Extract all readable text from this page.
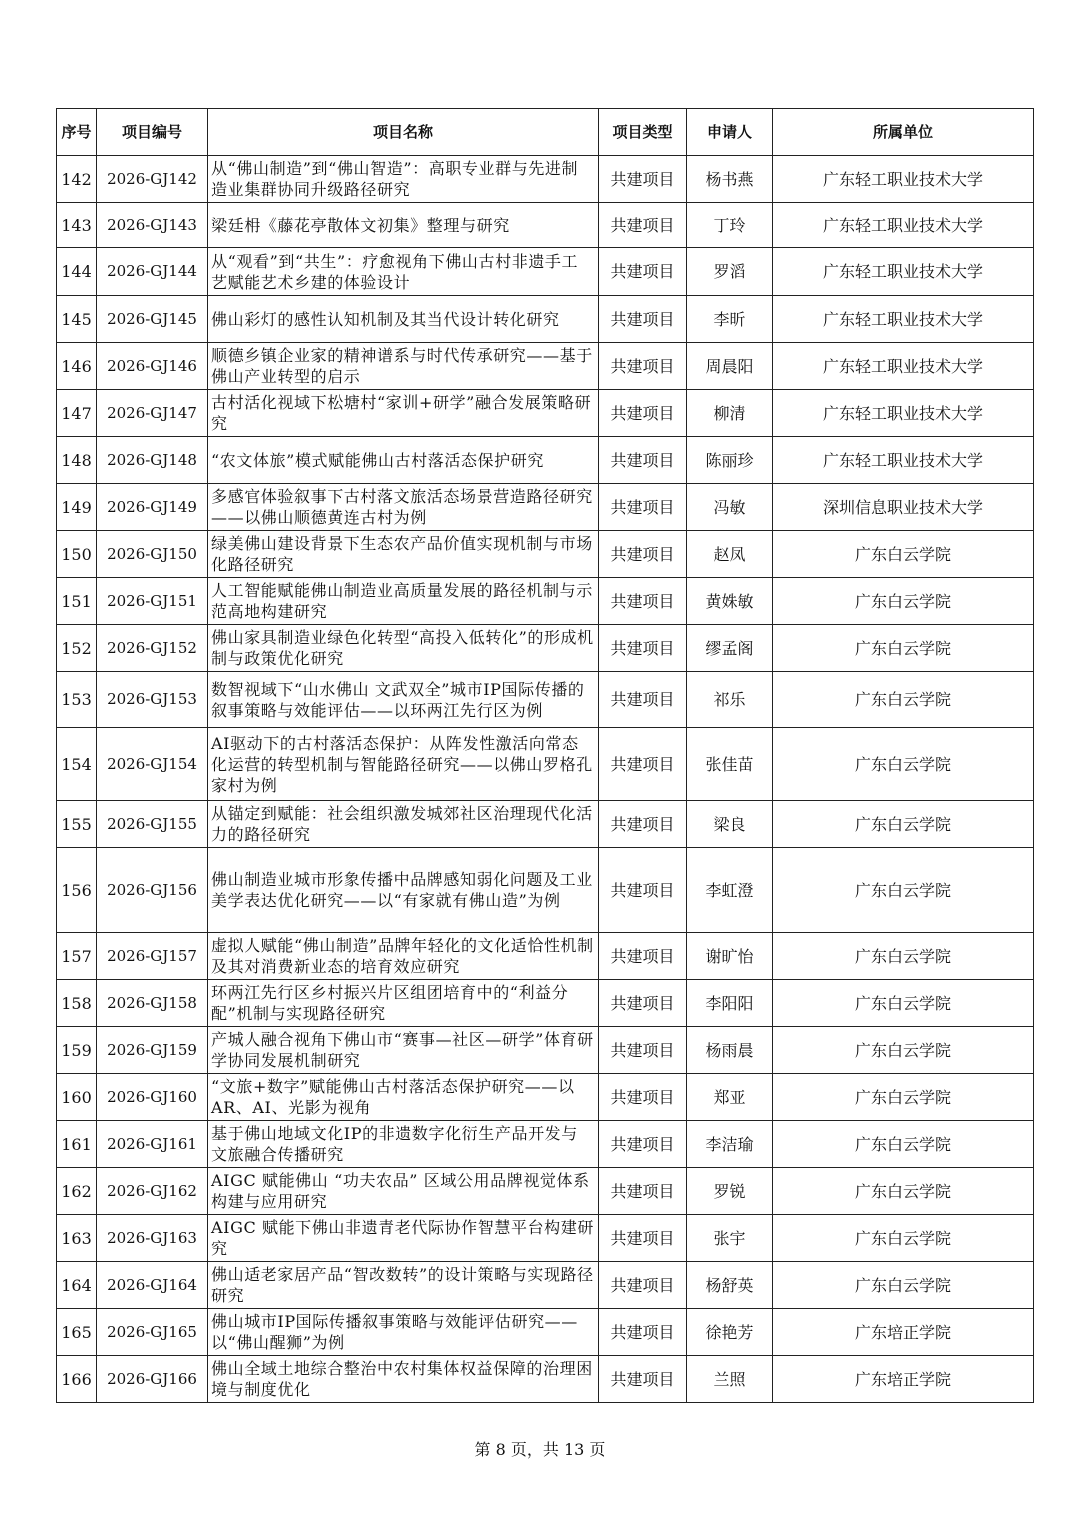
序号	项目编号	项目名称	项目类型	申请人	所属单位
142	2026-GJ142	从“佛山制造”到“佛山智造”：高职专业群与先进制造业集群协同升级路径研究	共建项目	杨书燕	广东轻工职业技术大学
143	2026-GJ143	梁廷枏《藤花亭散体文初集》整理与研究	共建项目	丁玲	广东轻工职业技术大学
144	2026-GJ144	从“观看”到“共生”：疗愈视角下佛山古村非遗手工艺赋能艺术乡建的体验设计	共建项目	罗滔	广东轻工职业技术大学
145	2026-GJ145	佛山彩灯的感性认知机制及其当代设计转化研究	共建项目	李昕	广东轻工职业技术大学
146	2026-GJ146	顺德乡镇企业家的精神谱系与时代传承研究——基于佛山产业转型的启示	共建项目	周晨阳	广东轻工职业技术大学
147	2026-GJ147	古村活化视域下松塘村“家训+研学”融合发展策略研究	共建项目	柳清	广东轻工职业技术大学
148	2026-GJ148	“农文体旅”模式赋能佛山古村落活态保护研究	共建项目	陈丽珍	广东轻工职业技术大学
149	2026-GJ149	多感官体验叙事下古村落文旅活态场景营造路径研究——以佛山顺德黄连古村为例	共建项目	冯敏	深圳信息职业技术大学
150	2026-GJ150	绿美佛山建设背景下生态农产品价值实现机制与市场化路径研究	共建项目	赵凤	广东白云学院
151	2026-GJ151	人工智能赋能佛山制造业高质量发展的路径机制与示范高地构建研究	共建项目	黄姝敏	广东白云学院
152	2026-GJ152	佛山家具制造业绿色化转型“高投入低转化”的形成机制与政策优化研究	共建项目	缪孟阁	广东白云学院
153	2026-GJ153	数智视域下“山水佛山 文武双全”城市IP国际传播的叙事策略与效能评估——以环两江先行区为例	共建项目	祁乐	广东白云学院
154	2026-GJ154	AI驱动下的古村落活态保护：从阵发性激活向常态化运营的转型机制与智能路径研究——以佛山罗格孔家村为例	共建项目	张佳苗	广东白云学院
155	2026-GJ155	从锚定到赋能：社会组织激发城郊社区治理现代化活力的路径研究	共建项目	梁良	广东白云学院
156	2026-GJ156	佛山制造业城市形象传播中品牌感知弱化问题及工业美学表达优化研究——以“有家就有佛山造”为例	共建项目	李虹澄	广东白云学院
157	2026-GJ157	虚拟人赋能“佛山制造”品牌年轻化的文化适恰性机制及其对消费新业态的培育效应研究	共建项目	谢旷怡	广东白云学院
158	2026-GJ158	环两江先行区乡村振兴片区组团培育中的“利益分配”机制与实现路径研究	共建项目	李阳阳	广东白云学院
159	2026-GJ159	产城人融合视角下佛山市“赛事—社区—研学”体育研学协同发展机制研究	共建项目	杨雨晨	广东白云学院
160	2026-GJ160	“文旅+数字”赋能佛山古村落活态保护研究——以AR、AI、光影为视角	共建项目	郑亚	广东白云学院
161	2026-GJ161	基于佛山地域文化IP的非遗数字化衍生产品开发与文旅融合传播研究	共建项目	李洁瑜	广东白云学院
162	2026-GJ162	AIGC 赋能佛山 “功夫农品” 区域公用品牌视觉体系构建与应用研究	共建项目	罗锐	广东白云学院
163	2026-GJ163	AIGC 赋能下佛山非遗青老代际协作智慧平台构建研究	共建项目	张宇	广东白云学院
164	2026-GJ164	佛山适老家居产品“智改数转”的设计策略与实现路径研究	共建项目	杨舒英	广东白云学院
165	2026-GJ165	佛山城市IP国际传播叙事策略与效能评估研究——以“佛山醒狮”为例	共建项目	徐艳芳	广东培正学院
166	2026-GJ166	佛山全域土地综合整治中农村集体权益保障的治理困境与制度优化	共建项目	兰照	广东培正学院
第 8 页，共 13 页
